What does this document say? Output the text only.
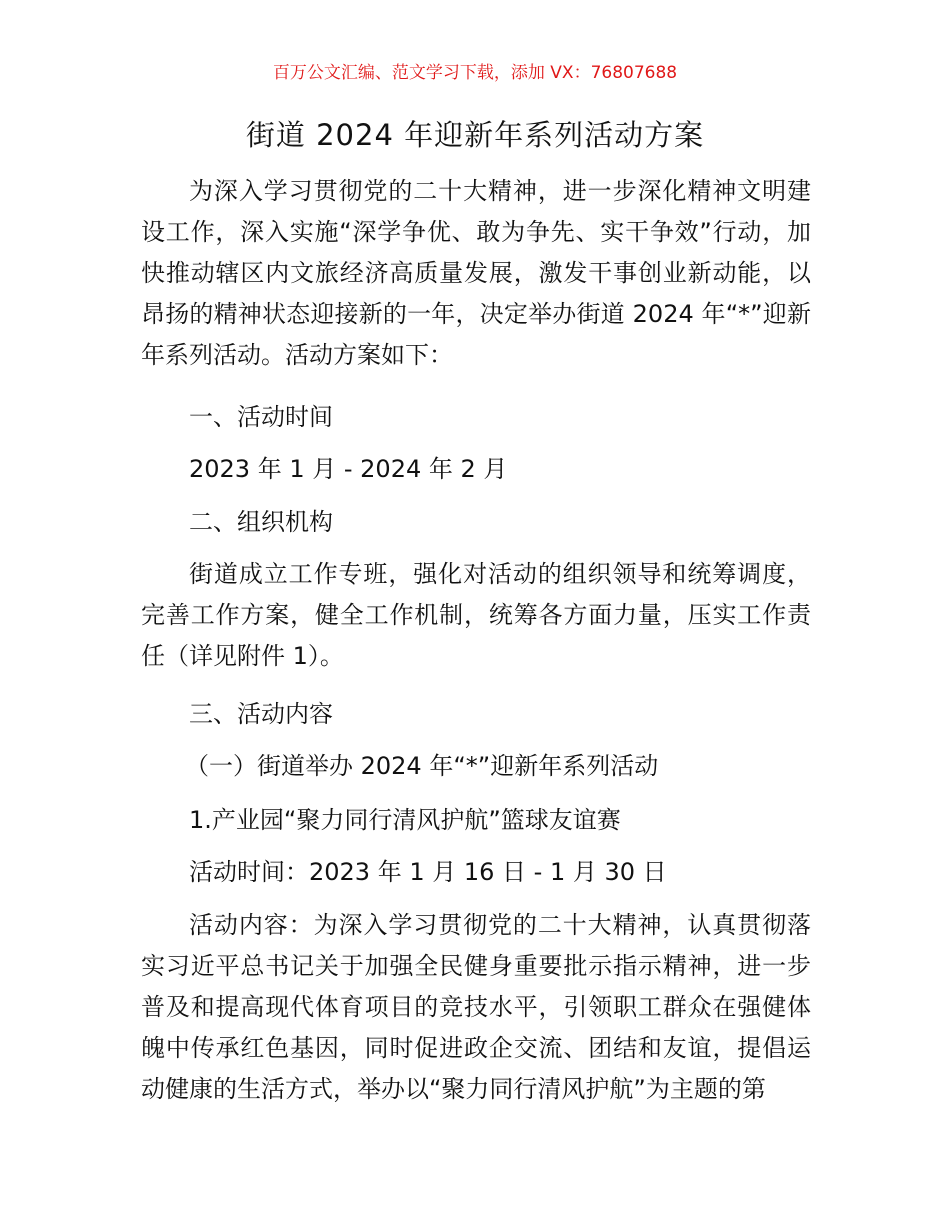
百万公文汇编、范文学习下载，添加 VX：76807688
街道 2024 年迎新年系列活动方案
为深入学习贯彻党的二十大精神，进一步深化精神文明建设工作，深入实施“深学争优、敢为争先、实干争效”行动，加快推动辖区内文旅经济高质量发展，激发干事创业新动能，以昂扬的精神状态迎接新的一年，决定举办街道 2024 年“*”迎新年系列活动。活动方案如下：
一、活动时间
2023 年 1 月 - 2024 年 2 月
二、组织机构
街道成立工作专班，强化对活动的组织领导和统筹调度，完善工作方案，健全工作机制，统筹各方面力量，压实工作责任（详见附件 1）。
三、活动内容
（一）街道举办 2024 年“*”迎新年系列活动
1.产业园“聚力同行清风护航”篮球友谊赛
活动时间：2023 年 1 月 16 日 - 1 月 30 日
活动内容：为深入学习贯彻党的二十大精神，认真贯彻落实习近平总书记关于加强全民健身重要批示指示精神，进一步普及和提高现代体育项目的竞技水平，引领职工群众在强健体魄中传承红色基因，同时促进政企交流、团结和友谊，提倡运动健康的生活方式，举办以“聚力同行清风护航”为主题的第
